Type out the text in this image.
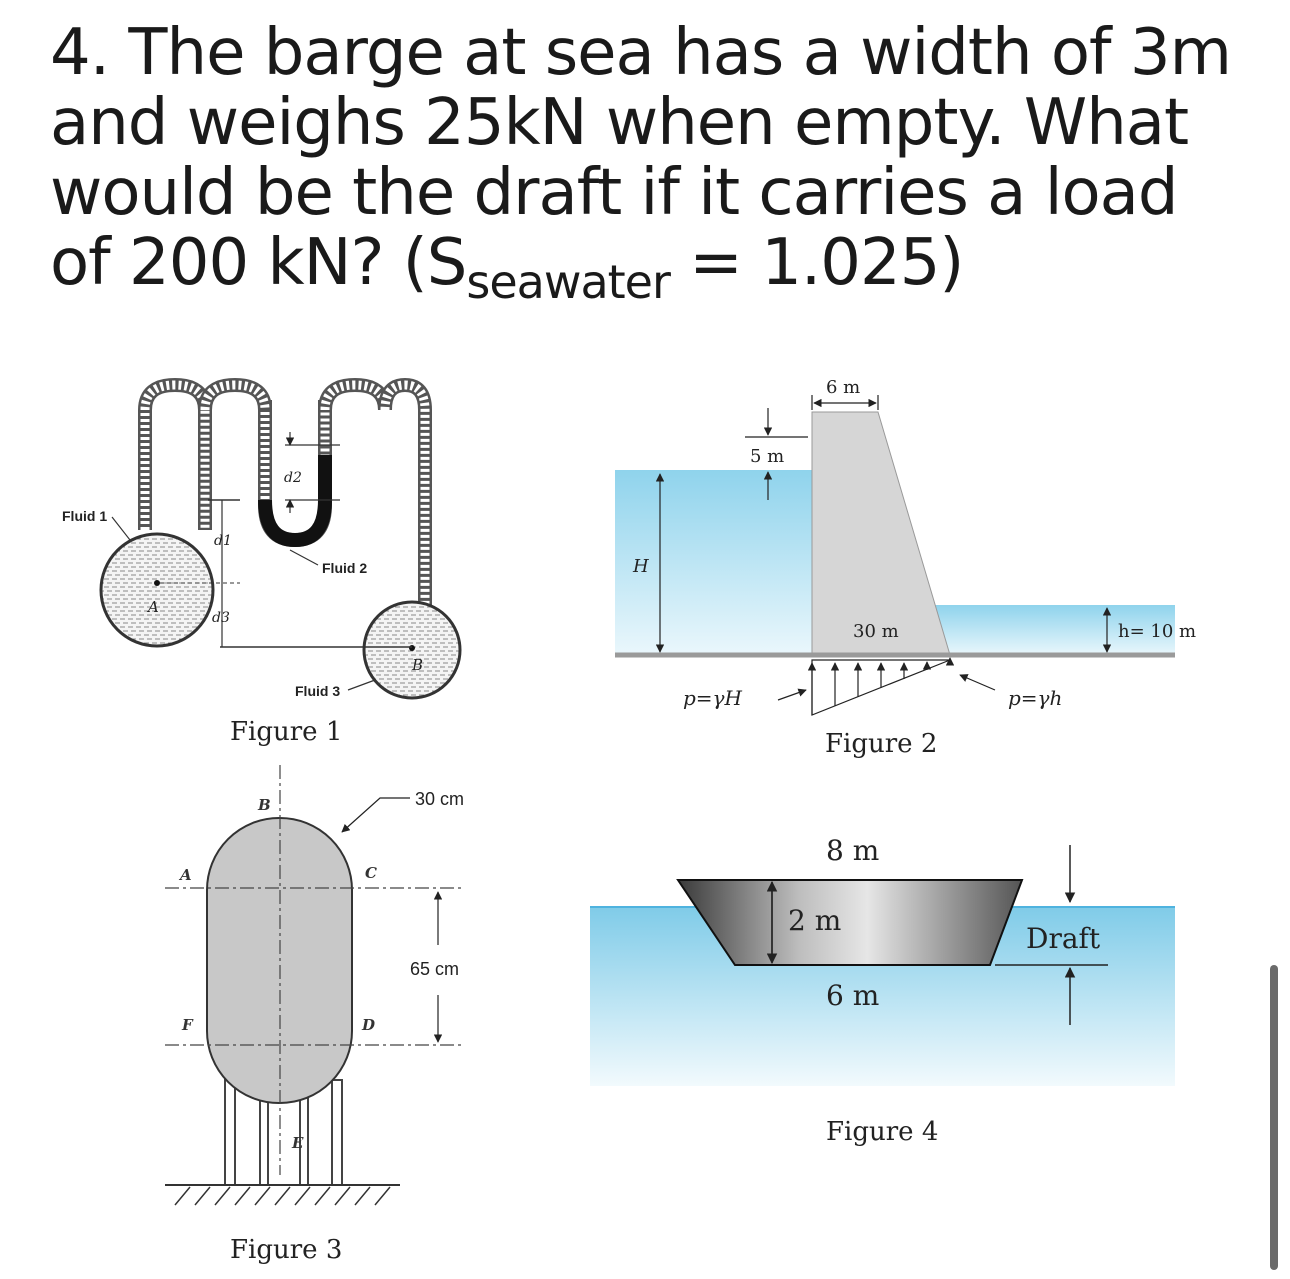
4. The barge at sea has a width of 3m
and weighs 25kN when empty. What
would be the draft if it carries a load
of 200 kN? $(S_{seawater} = 1.025)$
Fluid 1
Fluid 2
Fluid 3
A
B
d1
d2
d3
Figure 1
6 m
5 m
H
30 m	h= 10 m
p=γH	p=γh
Figure 2
30 cm
65 cm
B
A	C
D
F
E
Figure 3
8 m
2 m
6 m
Draft
Figure 4
